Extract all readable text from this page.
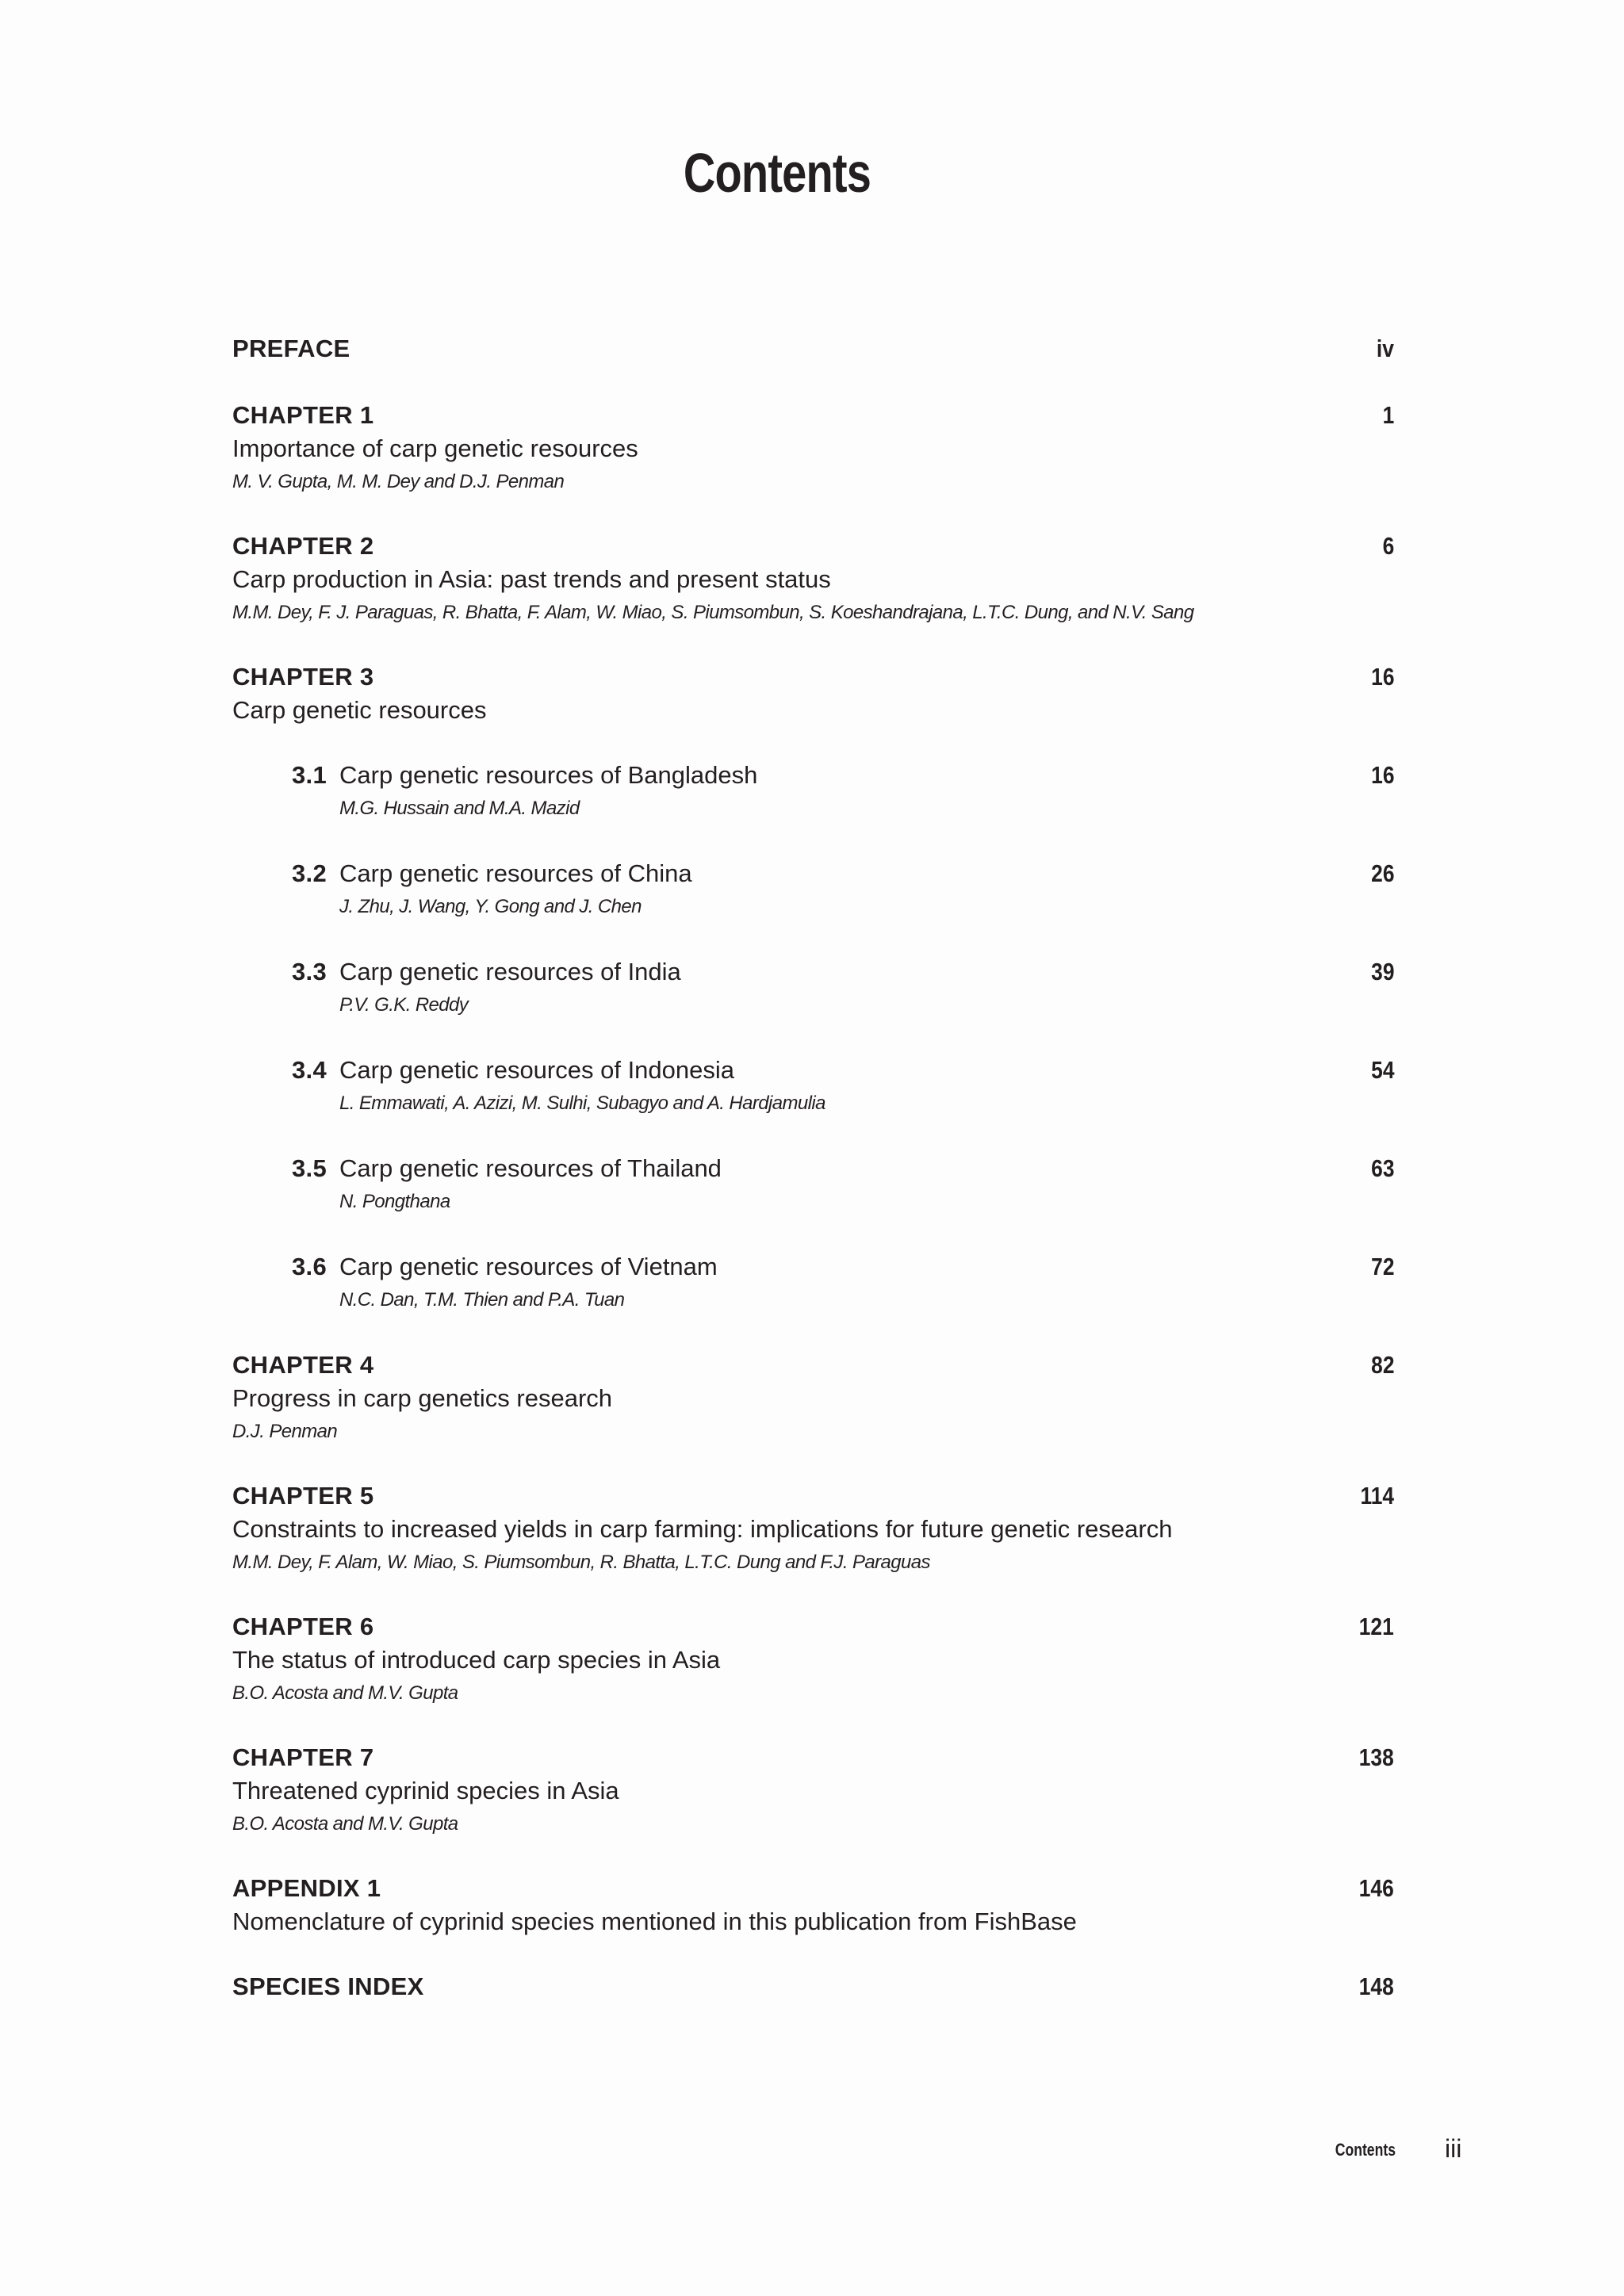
Contents
PREFACE	iv
CHAPTER 1
Importance of carp genetic resources
M. V. Gupta, M. M. Dey and D.J. Penman
1
CHAPTER 2
Carp production in Asia: past trends and present status
M.M. Dey, F. J. Paraguas, R. Bhatta, F. Alam, W. Miao, S. Piumsombun, S. Koeshandrajana, L.T.C. Dung, and N.V. Sang
6
CHAPTER 3
Carp genetic resources
16
3.1 Carp genetic resources of Bangladesh
M.G. Hussain and M.A. Mazid
16
3.2 Carp genetic resources of China
J. Zhu, J. Wang, Y. Gong and J. Chen
26
3.3 Carp genetic resources of India
P.V. G.K. Reddy
39
3.4 Carp genetic resources of Indonesia
L. Emmawati, A. Azizi, M. Sulhi, Subagyo and A. Hardjamulia
54
3.5 Carp genetic resources of Thailand
N. Pongthana
63
3.6 Carp genetic resources of Vietnam
N.C. Dan, T.M. Thien and P.A. Tuan
72
CHAPTER 4
Progress in carp genetics research
D.J. Penman
82
CHAPTER 5
Constraints to increased yields in carp farming: implications for future genetic research
M.M. Dey, F. Alam, W. Miao, S. Piumsombun, R. Bhatta, L.T.C. Dung and F.J. Paraguas
114
CHAPTER 6
The status of introduced carp species in Asia
B.O. Acosta and M.V. Gupta
121
CHAPTER 7
Threatened cyprinid species in Asia
B.O. Acosta and M.V. Gupta
138
APPENDIX 1
Nomenclature of cyprinid species mentioned in this publication from FishBase
146
SPECIES INDEX	148
Contents iii
